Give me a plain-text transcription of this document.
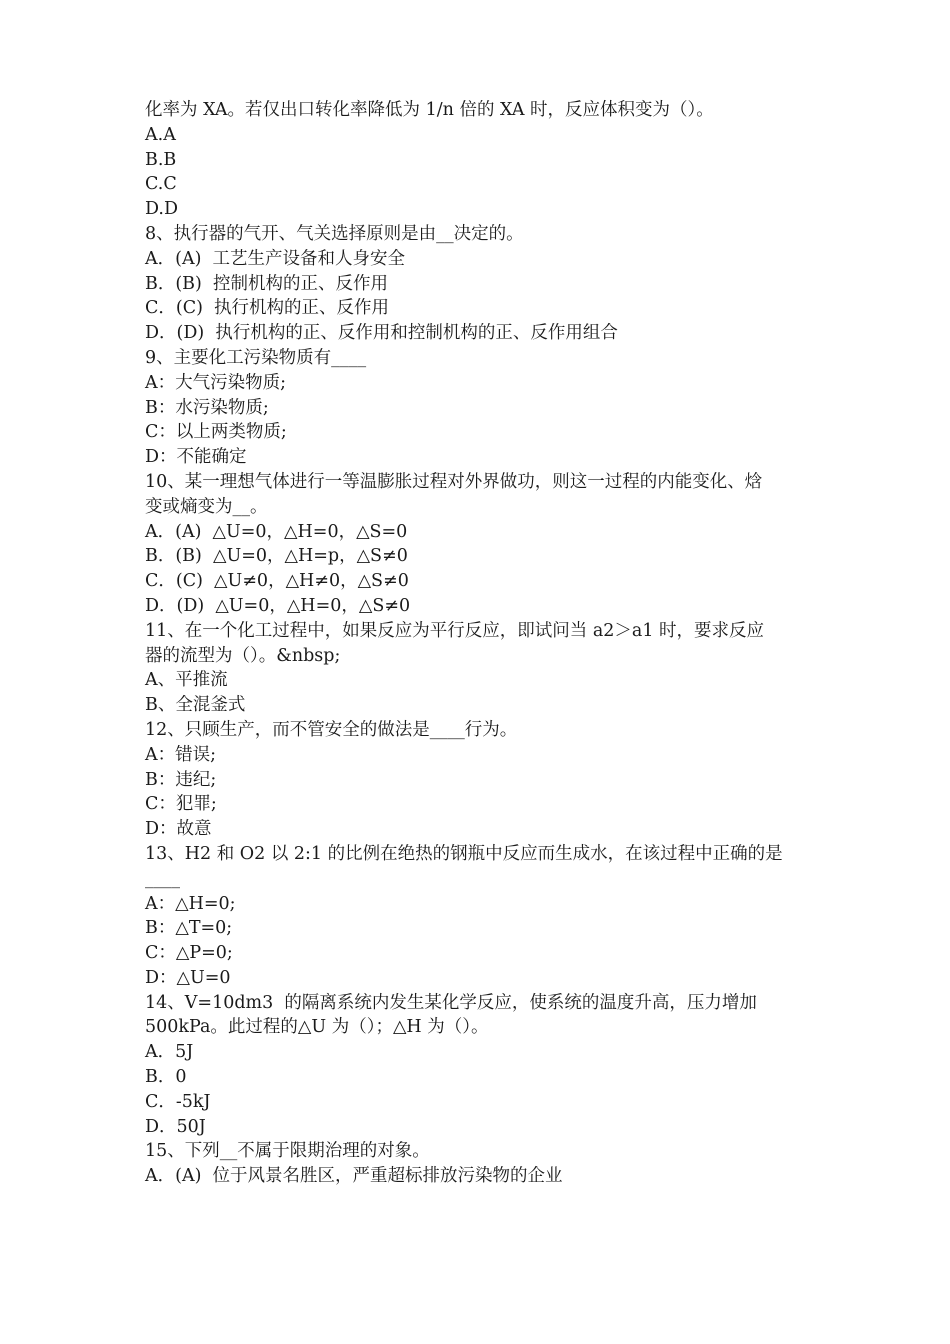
化率为 XA。若仅出口转化率降低为 1/n 倍的 XA 时，反应体积变为（）。
A.A
B.B
C.C
D.D
8、执行器的气开、气关选择原则是由__决定的。
A．(A)  工艺生产设备和人身安全
B．(B)  控制机构的正、反作用
C．(C)  执行机构的正、反作用
D．(D)  执行机构的正、反作用和控制机构的正、反作用组合
9、主要化工污染物质有____
A：大气污染物质;
B：水污染物质;
C：以上两类物质;
D：不能确定
10、某一理想气体进行一等温膨胀过程对外界做功，则这一过程的内能变化、焓
变或熵变为__。
A．(A)  △U=0，△H=0，△S=0
B．(B)  △U=0，△H=p，△S≠0
C．(C)  △U≠0，△H≠0，△S≠0
D．(D)  △U=0，△H=0，△S≠0
11、在一个化工过程中，如果反应为平行反应，即试问当 a2＞a1 时，要求反应
器的流型为（）。&nbsp;
A、平推流
B、全混釜式
12、只顾生产，而不管安全的做法是____行为。
A：错误;
B：违纪;
C：犯罪;
D：故意
13、H2 和 O2 以 2:1 的比例在绝热的钢瓶中反应而生成水，在该过程中正确的是
____
A：△H=0;
B：△T=0;
C：△P=0;
D：△U=0
14、V=10dm3  的隔离系统内发生某化学反应，使系统的温度升高，压力增加
500kPa。此过程的△U 为（）；△H 为（）。
A．5J
B．0
C．-5kJ
D．50J
15、下列__不属于限期治理的对象。
A．(A)  位于风景名胜区，严重超标排放污染物的企业
